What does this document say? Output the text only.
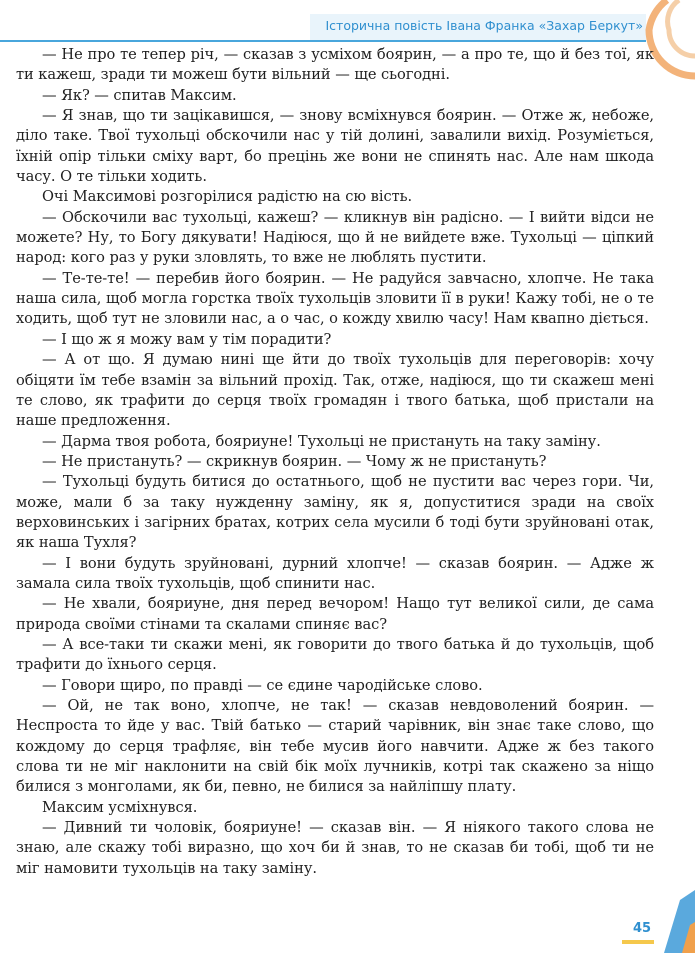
Історична повість Івана Франка «Захар Беркут»

— Не про те тепер річ, — сказав з усміхом боярин, — а про те, що й без тої, як ти кажеш, зради ти можеш бути вільний — ще сьогодні.

— Як? — спитав Максим.

— Я знав, що ти зацікавишся, — знову всміхнувся боярин. — Отже ж, небоже, діло таке. Твої тухольці обскочили нас у тій долині, завалили вихід. Розуміється, їхній опір тільки сміху варт, бо прецінь же вони не спинять нас. Але нам шкода часу. О те тільки ходить.

Очі Максимові розгорілися радістю на сю вість.

— Обскочили вас тухольці, кажеш? — кликнув він радісно. — І вийти відси не можете? Ну, то Богу дякувати! Надіюся, що й не вийдете вже. Тухольці — ціпкий народ: кого раз у руки зловлять, то вже не люблять пустити.

— Те-те-те! — перебив його боярин. — Не радуйся завчасно, хлопче. Не така наша сила, щоб могла горстка твоїх тухольців зловити її в руки! Кажу тобі, не о те ходить, щоб тут не зловили нас, а о час, о кожду хвилю часу! Нам квапно діється.

— І що ж я можу вам у тім порадити?

— А от що. Я думаю нині ще йти до твоїх тухольців для переговорів: хочу обіцяти їм тебе взамін за вільний прохід. Так, отже, надіюся, що ти скажеш мені те слово, як трафити до серця твоїх громадян і твого батька, щоб пристали на наше предложення.

— Дарма твоя робота, бояриyне! Тухольці не пристануть на таку заміну.

— Не пристануть? — скрикнув боярин. — Чому ж не пристануть?

— Тухольці будуть битися до остатнього, щоб не пустити вас через гори. Чи, може, мали б за таку нужденну заміну, як я, допуститися зради на своїх верховинських і загірних братах, котрих села мусили б тоді бути зруйновані отак, як наша Тухля?

— І вони будуть зруйновані, дурний хлопче! — сказав боярин. — Адже ж замала сила твоїх тухольців, щоб спинити нас.

— Не хвали, бояриyне, дня перед вечором! Нащо тут великої сили, де сама природа своїми стінами та скалами спиняє вас?

— А все-таки ти скажи мені, як говорити до твого батька й до тухольців, щоб трафити до їхнього серця.

— Говори щиро, по правді — се єдине чародійське слово.

— Ой, не так воно, хлопче, не так! — сказав невдоволений боярин. — Неспроста то йде у вас. Твій батько — старий чарівник, він знає таке слово, що кождому до серця трафляє, він тебе мусив його навчити. Адже ж без такого слова ти не міг наклонити на свій бік моїх лучників, котрі так скажено за ніщо билися з монголами, як би, певно, не билися за найліпшу плату.

Максим усміхнувся.

— Дивний ти чоловік, бояриyне! — сказав він. — Я ніякого такого слова не знаю, але скажу тобі виразно, що хоч би й знав, то не сказав би тобі, щоб ти не міг намовити тухольців на таку заміну.

45
